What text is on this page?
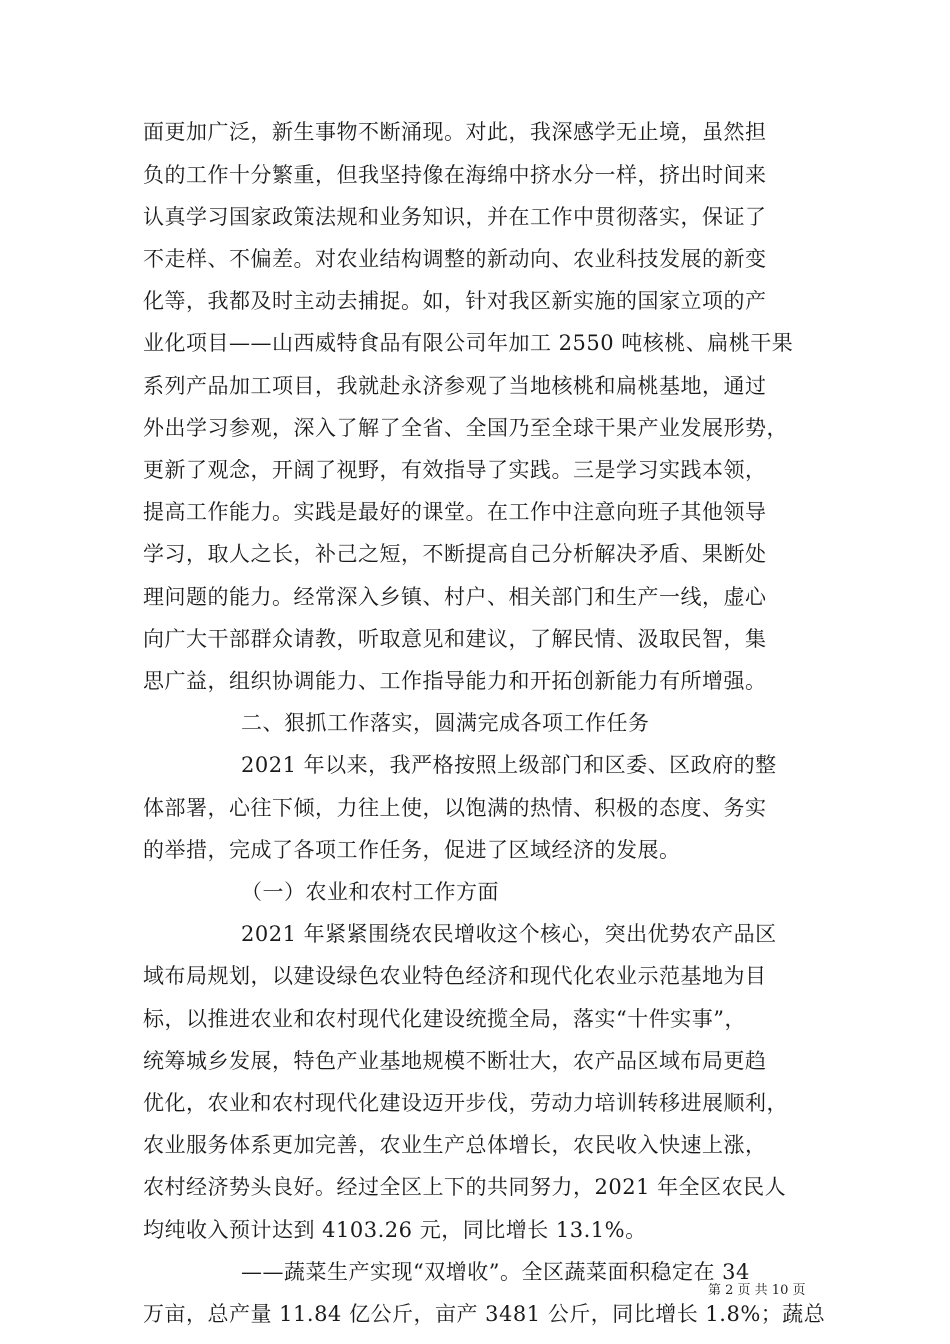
面更加广泛，新生事物不断涌现。对此，我深感学无止境，虽然担
负的工作十分繁重，但我坚持像在海绵中挤水分一样，挤出时间来
认真学习国家政策法规和业务知识，并在工作中贯彻落实，保证了
不走样、不偏差。对农业结构调整的新动向、农业科技发展的新变
化等，我都及时主动去捕捉。如，针对我区新实施的国家立项的产
业化项目——山西威特食品有限公司年加工 2550 吨核桃、扁桃干果
系列产品加工项目，我就赴永济参观了当地核桃和扁桃基地，通过
外出学习参观，深入了解了全省、全国乃至全球干果产业发展形势，
更新了观念，开阔了视野，有效指导了实践。三是学习实践本领，
提高工作能力。实践是最好的课堂。在工作中注意向班子其他领导
学习，取人之长，补己之短，不断提高自己分析解决矛盾、果断处
理问题的能力。经常深入乡镇、村户、相关部门和生产一线，虚心
向广大干部群众请教，听取意见和建议，了解民情、汲取民智，集
思广益，组织协调能力、工作指导能力和开拓创新能力有所增强。
二、狠抓工作落实，圆满完成各项工作任务
2021 年以来，我严格按照上级部门和区委、区政府的整
体部署，心往下倾，力往上使，以饱满的热情、积极的态度、务实
的举措，完成了各项工作任务，促进了区域经济的发展。
（一）农业和农村工作方面
2021 年紧紧围绕农民增收这个核心，突出优势农产品区
域布局规划，以建设绿色农业特色经济和现代化农业示范基地为目
标，以推进农业和农村现代化建设统揽全局，落实“十件实事”，
统筹城乡发展，特色产业基地规模不断壮大，农产品区域布局更趋
优化，农业和农村现代化建设迈开步伐，劳动力培训转移进展顺利，
农业服务体系更加完善，农业生产总体增长，农民收入快速上涨，
农村经济势头良好。经过全区上下的共同努力，2021 年全区农民人
均纯收入预计达到 4103.26 元，同比增长 13.1%。
——蔬菜生产实现“双增收”。全区蔬菜面积稳定在 34
万亩，总产量 11.84 亿公斤，亩产 3481 公斤，同比增长 1.8%；蔬总
第 2 页 共 10 页
